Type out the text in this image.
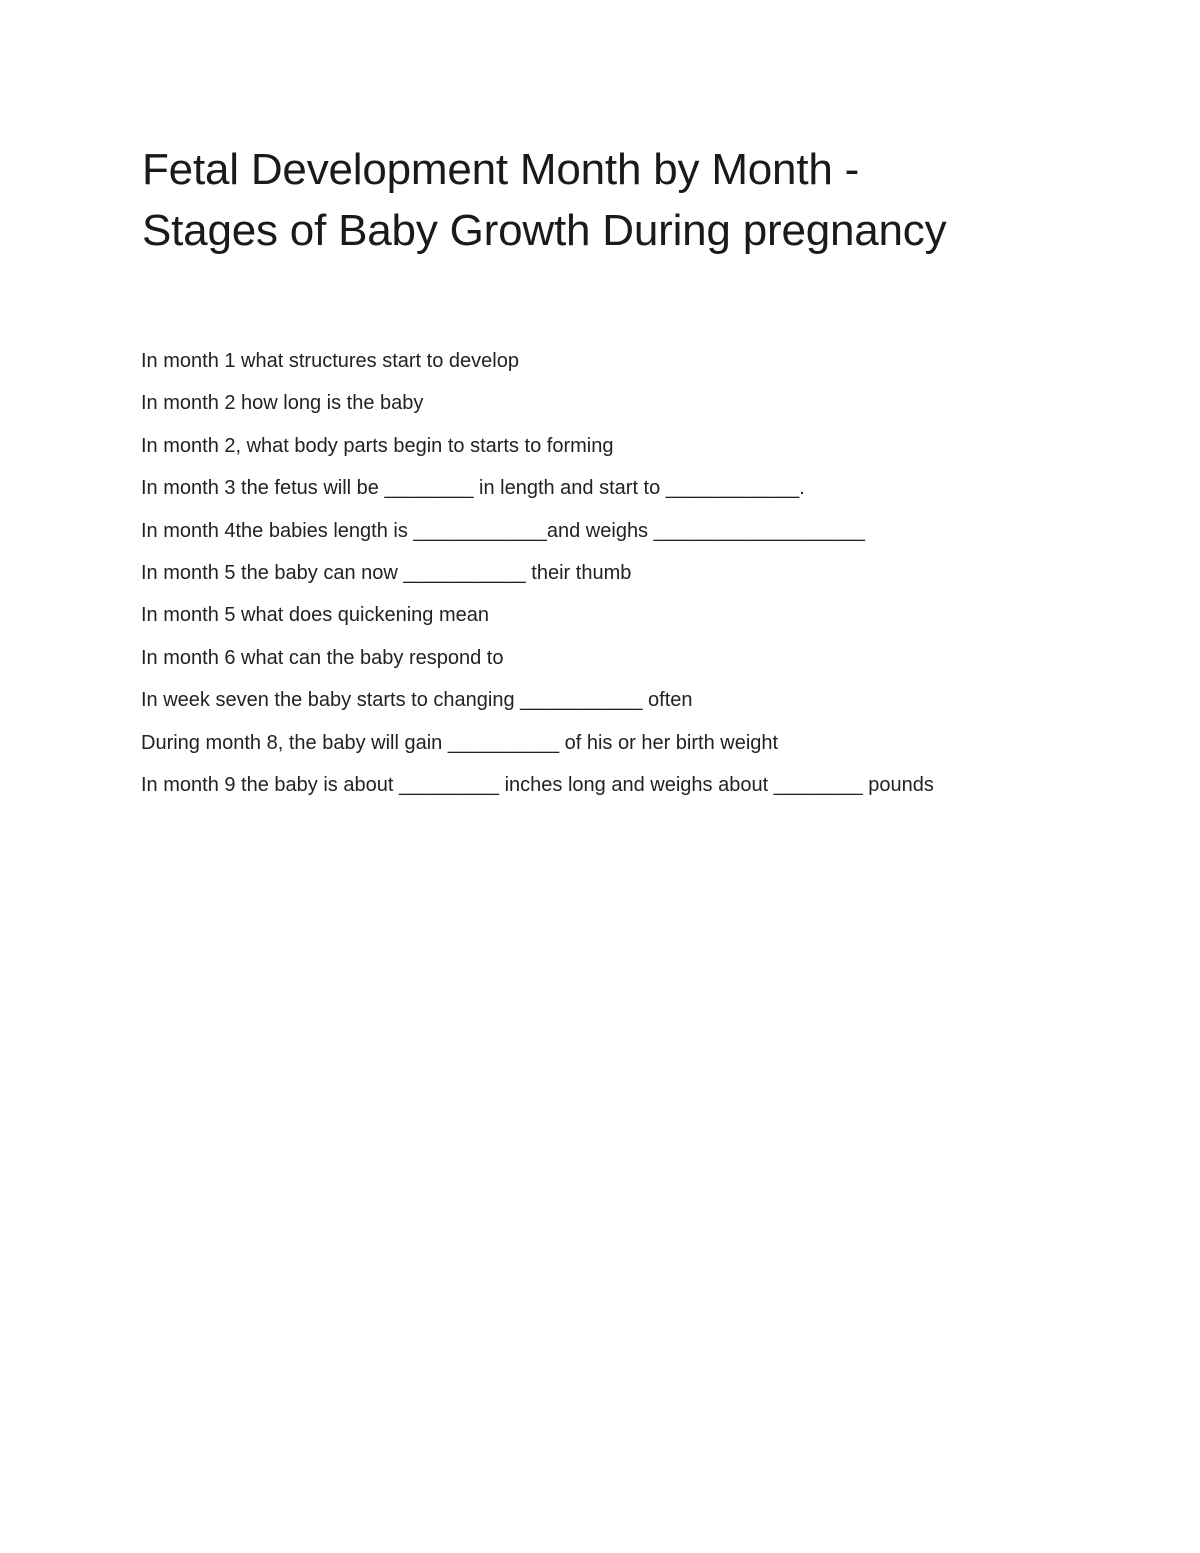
Fetal Development Month by Month -
Stages of Baby Growth During pregnancy
In month 1 what structures start to develop
In month 2 how long is the baby
In month 2, what body parts begin to starts to forming
In month 3 the fetus will be ________ in length and start to ____________.
In month 4the babies length is ____________and weighs ___________________
In month 5 the baby can now ___________ their thumb
In month 5 what does quickening mean
In month 6 what can the baby respond to
In week seven the baby starts to changing ___________ often
During month 8, the baby will gain __________ of his or her birth weight
In month 9 the baby is about _________ inches long and weighs about ________ pounds
